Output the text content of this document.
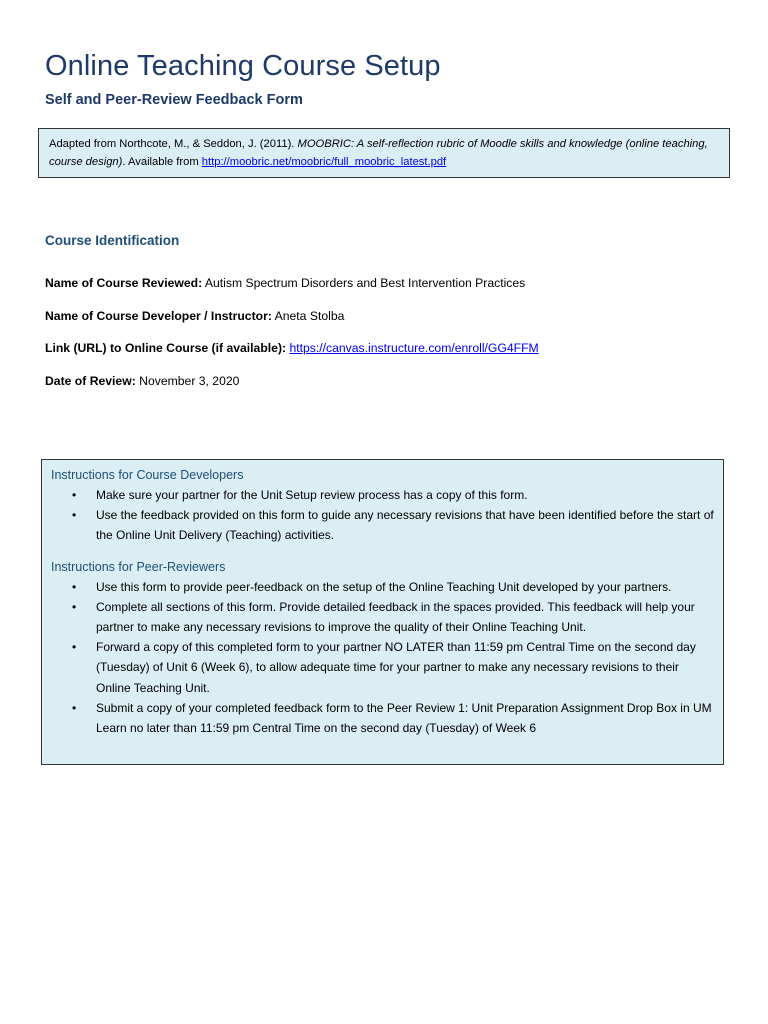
Online Teaching Course Setup
Self and Peer-Review Feedback Form
Adapted from Northcote, M., & Seddon, J. (2011). MOOBRIC: A self-reflection rubric of Moodle skills and knowledge (online teaching, course design). Available from http://moobric.net/moobric/full_moobric_latest.pdf
Course Identification
Name of Course Reviewed: Autism Spectrum Disorders and Best Intervention Practices
Name of Course Developer / Instructor: Aneta Stolba
Link (URL) to Online Course (if available): https://canvas.instructure.com/enroll/GG4FFM
Date of Review: November 3, 2020
Instructions for Course Developers
• Make sure your partner for the Unit Setup review process has a copy of this form.
• Use the feedback provided on this form to guide any necessary revisions that have been identified before the start of the Online Unit Delivery (Teaching) activities.
Instructions for Peer-Reviewers
• Use this form to provide peer-feedback on the setup of the Online Teaching Unit developed by your partners.
• Complete all sections of this form. Provide detailed feedback in the spaces provided. This feedback will help your partner to make any necessary revisions to improve the quality of their Online Teaching Unit.
• Forward a copy of this completed form to your partner NO LATER than 11:59 pm Central Time on the second day (Tuesday) of Unit 6 (Week 6), to allow adequate time for your partner to make any necessary revisions to their Online Teaching Unit.
• Submit a copy of your completed feedback form to the Peer Review 1: Unit Preparation Assignment Drop Box in UM Learn no later than 11:59 pm Central Time on the second day (Tuesday) of Week 6
